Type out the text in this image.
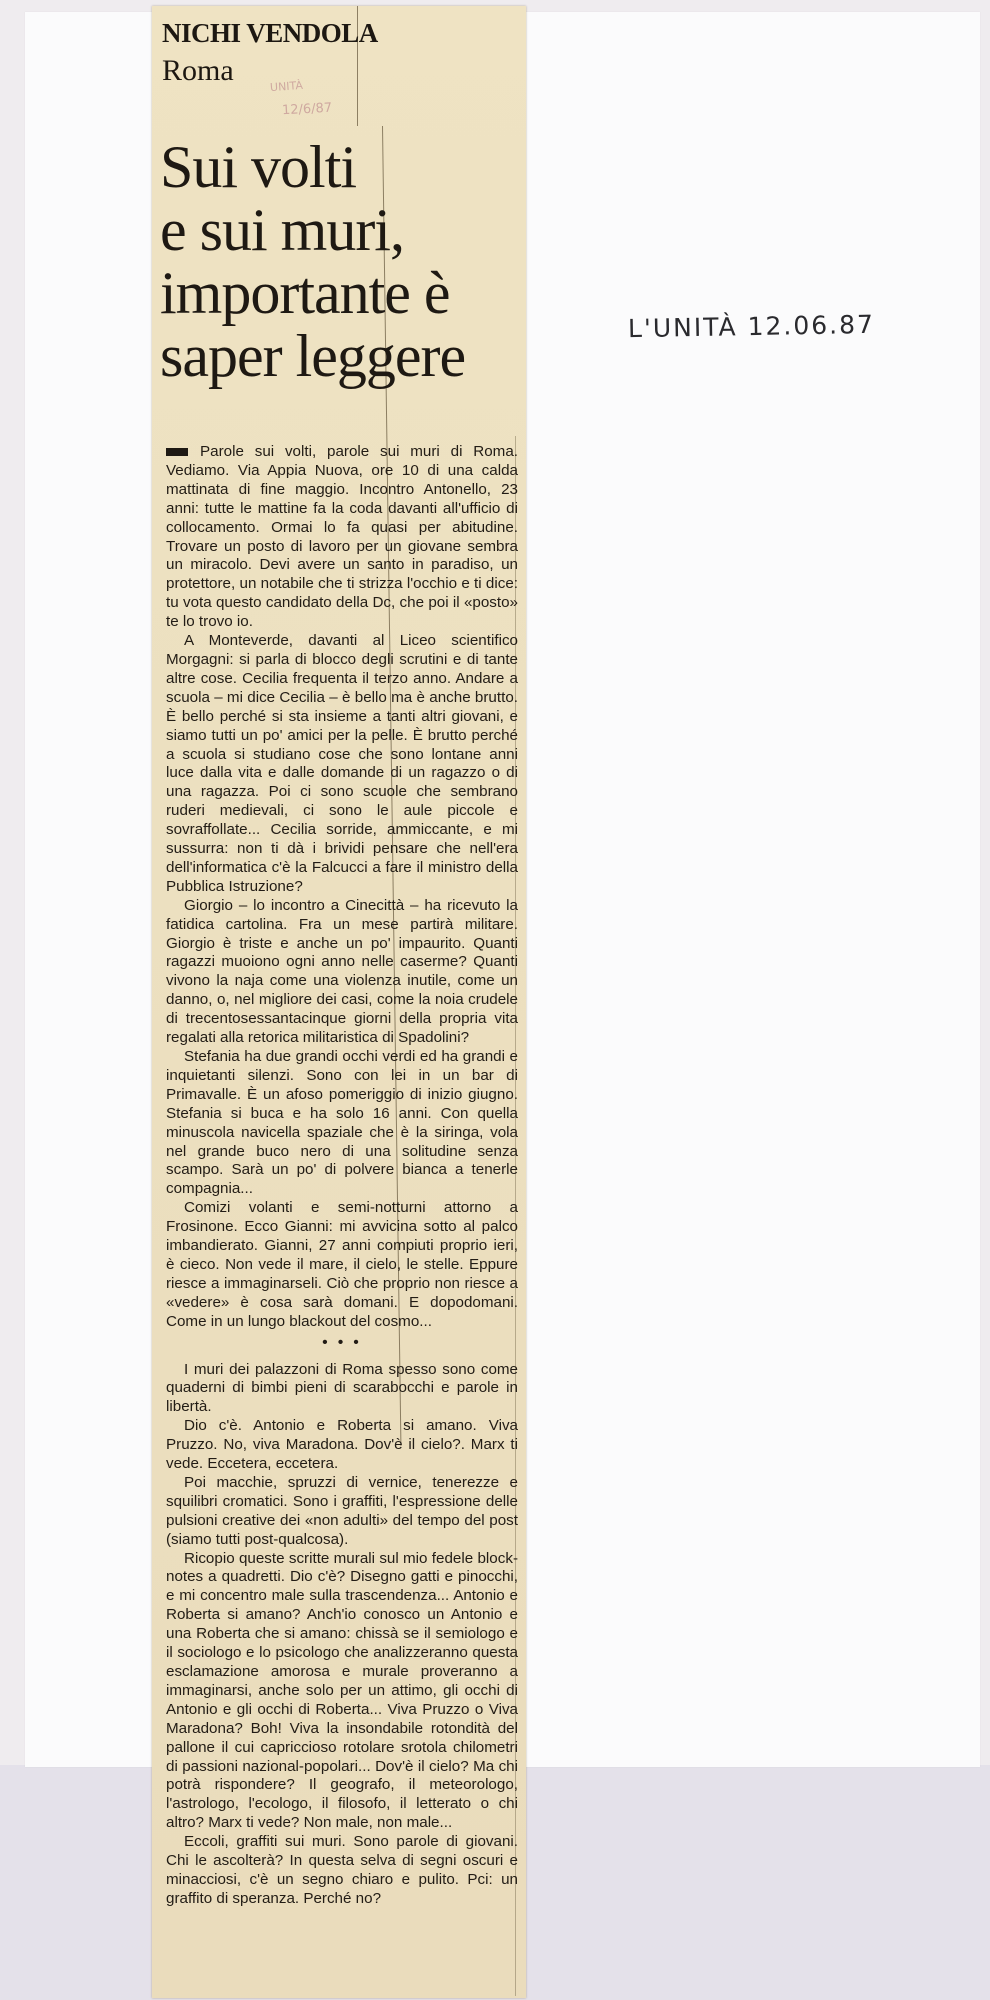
NICHI VENDOLA
Roma	UNITÀ
12/6/87
Sui volti
e sui muri,
importante è
saper leggere

Parole sui volti, parole sui muri di Roma. Vediamo. Via Appia Nuova, ore 10 di una calda mattinata di fine maggio. Incontro Antonello, 23 anni: tutte le mattine fa la coda davanti all'ufficio di collocamento. Ormai lo fa quasi per abitudine. Trovare un posto di lavoro per un giovane sembra un miracolo. Devi avere un santo in paradiso, un protettore, un notabile che ti strizza l'occhio e ti dice: tu vota questo candidato della Dc, che poi il «posto» te lo trovo io.

A Monteverde, davanti al Liceo scientifico Morgagni: si parla di blocco degli scrutini e di tante altre cose. Cecilia frequenta il terzo anno. Andare a scuola – mi dice Cecilia – è bello ma è anche brutto. È bello perché si sta insieme a tanti altri giovani, e siamo tutti un po' amici per la pelle. È brutto perché a scuola si studiano cose che sono lontane anni luce dalla vita e dalle domande di un ragazzo o di una ragazza. Poi ci sono scuole che sembrano ruderi medievali, ci sono le aule piccole e sovraffollate... Cecilia sorride, ammiccante, e mi sussurra: non ti dà i brividi pensare che nell'era dell'informatica c'è la Falcucci a fare il ministro della Pubblica Istruzione?

Giorgio – lo incontro a Cinecittà – ha ricevuto la fatidica cartolina. Fra un mese partirà militare. Giorgio è triste e anche un po' impaurito. Quanti ragazzi muoiono ogni anno nelle caserme? Quanti vivono la naja come una violenza inutile, come un danno, o, nel migliore dei casi, come la noia crudele di trecentosessantacinque giorni della propria vita regalati alla retorica militaristica di Spadolini?

Stefania ha due grandi occhi verdi ed ha grandi e inquietanti silenzi. Sono con lei in un bar di Primavalle. È un afoso pomeriggio di inizio giugno. Stefania si buca e ha solo 16 anni. Con quella minuscola navicella spaziale che è la siringa, vola nel grande buco nero di una solitudine senza scampo. Sarà un po' di polvere bianca a tenerle compagnia...

Comizi volanti e semi-notturni attorno a Frosinone. Ecco Gianni: mi avvicina sotto al palco imbandierato. Gianni, 27 anni compiuti proprio ieri, è cieco. Non vede il mare, il cielo, le stelle. Eppure riesce a immaginarseli. Ciò che proprio non riesce a «vedere» è cosa sarà domani. E dopodomani. Come in un lungo blackout del cosmo...

• • •

I muri dei palazzoni di Roma spesso sono come quaderni di bimbi pieni di scarabocchi e parole in libertà.

Dio c'è. Antonio e Roberta si amano. Viva Pruzzo. No, viva Maradona. Dov'è il cielo?. Marx ti vede. Eccetera, eccetera.

Poi macchie, spruzzi di vernice, tenerezze e squilibri cromatici. Sono i graffiti, l'espressione delle pulsioni creative dei «non adulti» del tempo del post (siamo tutti post-qualcosa).

Ricopio queste scritte murali sul mio fedele block-notes a quadretti. Dio c'è? Disegno gatti e pinocchi, e mi concentro male sulla trascendenza... Antonio e Roberta si amano? Anch'io conosco un Antonio e una Roberta che si amano: chissà se il semiologo e il sociologo e lo psicologo che analizzeranno questa esclamazione amorosa e murale proveranno a immaginarsi, anche solo per un attimo, gli occhi di Antonio e gli occhi di Roberta... Viva Pruzzo o Viva Maradona? Boh! Viva la insondabile rotondità del pallone il cui capriccioso rotolare srotola chilometri di passioni nazional-popolari... Dov'è il cielo? Ma chi potrà rispondere? Il geografo, il meteorologo, l'astrologo, l'ecologo, il filosofo, il letterato o chi altro? Marx ti vede? Non male, non male...

Eccoli, graffiti sui muri. Sono parole di giovani. Chi le ascolterà? In questa selva di segni oscuri e minacciosi, c'è un segno chiaro e pulito. Pci: un graffito di speranza. Perché no?

L'UNITÀ 12.06.87
